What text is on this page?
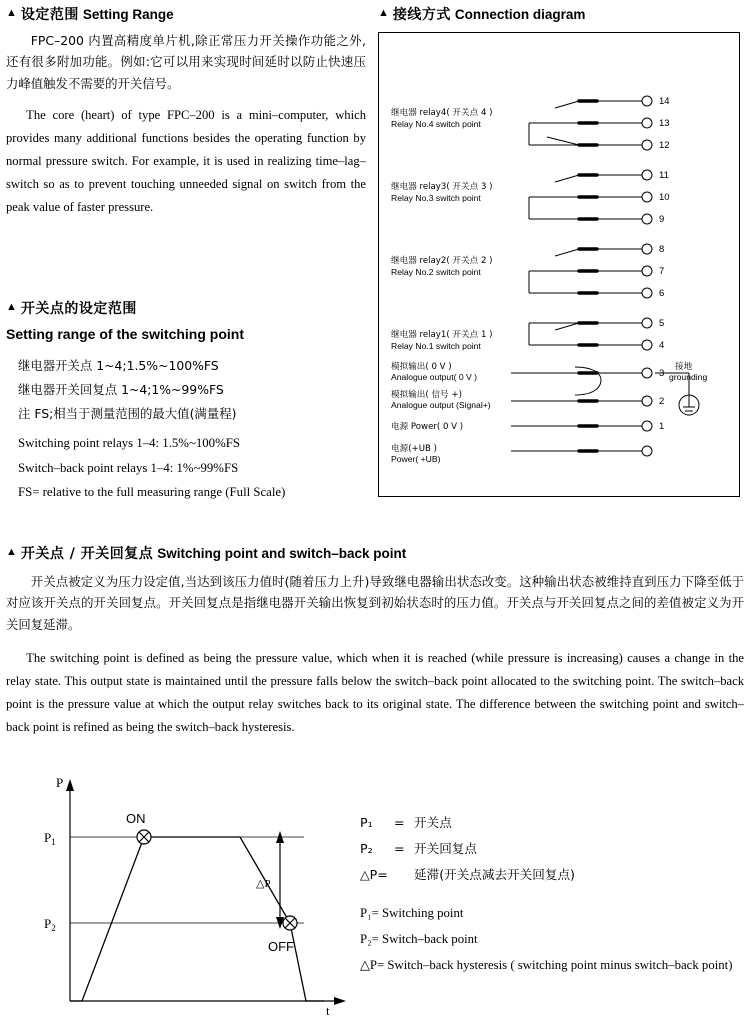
▲ 设定范围 Setting Range

FPC–200 内置高精度单片机,除正常压力开关操作功能之外,还有很多附加功能。例如:它可以用来实现时间延时以防止快速压力峰值触发不需要的开关信号。

The core (heart) of type FPC–200 is a mini–computer, which provides many additional functions besides the operating function by normal pressure switch. For example, it is used in realizing time–lag–switch so as to prevent touching unneeded signal on switch from the peak value of faster pressure.

▲ 开关点的设定范围
Setting range of the switching point
继电器开关点 1~4;1.5%~100%FS
继电器开关回复点 1~4;1%~99%FS
注 FS;相当于测量范围的最大值(满量程)
Switching point relays 1–4: 1.5%~100%FS
Switch–back point relays 1–4: 1%~99%FS
FS= relative to the full measuring range (Full Scale)
▲ 接线方式 Connection diagram
14
13
12
11
10
9
8
7
6
5
4
3
2
1
继电器 relay4( 开关点 4 )
Relay No.4 switch point
继电器 relay3( 开关点 3 )
Relay No.3 switch point
继电器 relay2( 开关点 2 )
Relay No.2 switch point
继电器 relay1( 开关点 1 )
Relay No.1 switch point
模拟输出( 0 V )
Analogue output( 0 V )
模拟输出( 信号 +)
Analogue output (Signal+)
电源 Power( 0 V )
电源(+UB )
Power( +UB)
接地
grounding
▲ 开关点 / 开关回复点 Switching point and switch–back point

开关点被定义为压力设定值,当达到该压力值时(随着压力上升)导致继电器输出状态改变。这种输出状态被维持直到压力下降至低于对应该开关点的开关回复点。开关回复点是指继电器开关输出恢复到初始状态时的压力值。开关点与开关回复点之间的差值被定义为开关回复延滞。

The switching point is defined as being the pressure value, which when it is reached (while pressure is increasing) causes a change in the relay state. This output state is maintained until the pressure falls below the switch–back point allocated to the switching point. The switch–back point is the pressure value at which the output relay switches back to its original state. The difference between the switching point and switch–back point is refined as being the switch–back hysteresis.

P
t
$P_1$
$P_2$
ON
OFF
△P
P₁	= 开关点
P₂	= 开关回复点
△P=	延滞(开关点减去开关回复点)
P₁= Switching point
P₂= Switch–back point
△P= Switch–back hysteresis ( switching point minus switch–back point)
